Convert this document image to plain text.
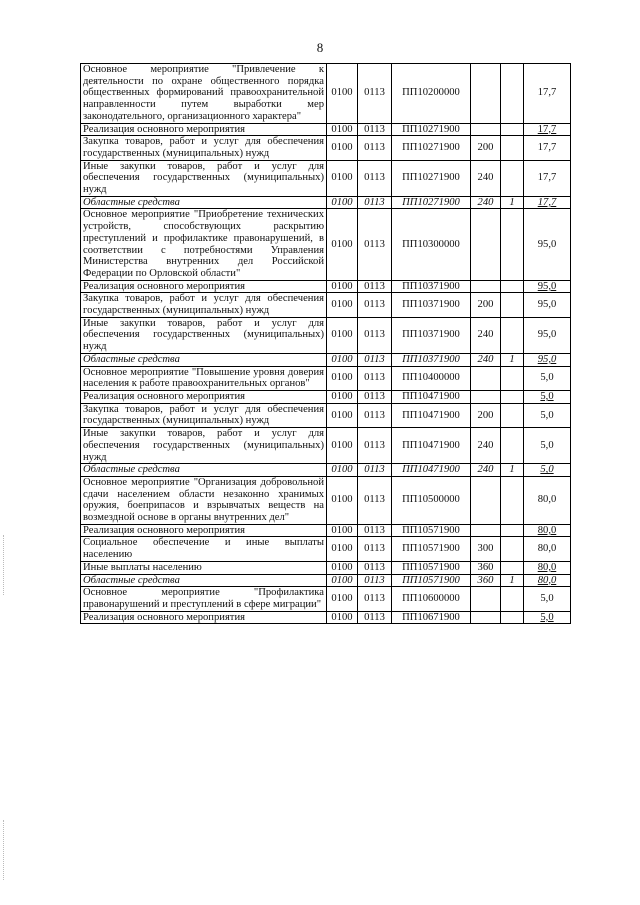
8
Основное мероприятие "Привлечение к деятельности по охране общественного порядка общественных формирований правоохранительной направленности путем выработки мер законодательного, организационного характера"	0100	0113	ПП10200000			17,7
Реализация основного мероприятия	0100	0113	ПП10271900			17,7
Закупка товаров, работ и услуг для обеспечения государственных (муниципальных) нужд	0100	0113	ПП10271900	200		17,7
Иные закупки товаров, работ и услуг для обеспечения государственных (муниципальных) нужд	0100	0113	ПП10271900	240		17,7
Областные средства	0100	0113	ПП10271900	240	1	17,7
Основное мероприятие "Приобретение технических устройств, способствующих раскрытию преступлений и профилактике правонарушений, в соответствии с потребностями Управления Министерства внутренних дел Российской Федерации по Орловской области"	0100	0113	ПП10300000			95,0
Реализация основного мероприятия	0100	0113	ПП10371900			95,0
Закупка товаров, работ и услуг для обеспечения государственных (муниципальных) нужд	0100	0113	ПП10371900	200		95,0
Иные закупки товаров, работ и услуг для обеспечения государственных (муниципальных) нужд	0100	0113	ПП10371900	240		95,0
Областные средства	0100	0113	ПП10371900	240	1	95,0
Основное мероприятие "Повышение уровня доверия населения к работе правоохранительных органов"	0100	0113	ПП10400000			5,0
Реализация основного мероприятия	0100	0113	ПП10471900			5,0
Закупка товаров, работ и услуг для обеспечения государственных (муниципальных) нужд	0100	0113	ПП10471900	200		5,0
Иные закупки товаров, работ и услуг для обеспечения государственных (муниципальных) нужд	0100	0113	ПП10471900	240		5,0
Областные средства	0100	0113	ПП10471900	240	1	5,0
Основное мероприятие "Организация добровольной сдачи населением области незаконно хранимых оружия, боеприпасов и взрывчатых веществ на возмездной основе в органы внутренних дел"	0100	0113	ПП10500000			80,0
Реализация основного мероприятия	0100	0113	ПП10571900			80,0
Социальное обеспечение и иные выплаты населению	0100	0113	ПП10571900	300		80,0
Иные выплаты населению	0100	0113	ПП10571900	360		80,0
Областные средства	0100	0113	ПП10571900	360	1	80,0
Основное мероприятие "Профилактика правонарушений и преступлений в сфере миграции"	0100	0113	ПП10600000			5,0
Реализация основного мероприятия	0100	0113	ПП10671900			5,0
